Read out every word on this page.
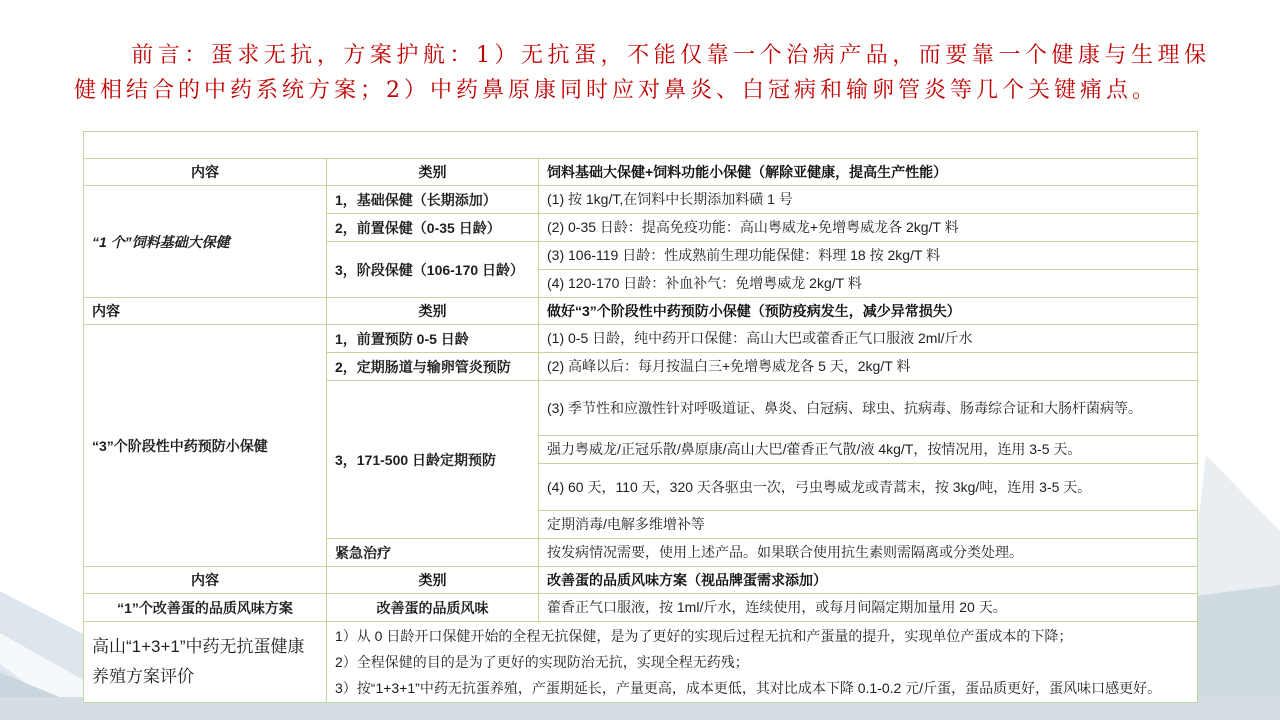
前言：蛋求无抗，方案护航：1）无抗蛋，不能仅靠一个治病产品，而要靠一个健康与生理保健相结合的中药系统方案；2）中药鼻原康同时应对鼻炎、白冠病和输卵管炎等几个关键痛点。
高山“1+3+1”中药无抗蛋健康养殖方案		
内容	类别	饲料基础大保健+饲料功能小保健（解除亚健康，提高生产性能）
“1 个”饲料基础大保健	1，基础保健（长期添加）	(1) 按 1kg/T,在饲料中长期添加料磺 1 号
	2，前置保健（0-35 日龄）	(2) 0-35 日龄：提高免疫功能：高山粤威龙+免增粤威龙各 2kg/T 料
	3，阶段保健（106-170 日龄）	(3) 106-119 日龄：性成熟前生理功能保健：料理 18 按 2kg/T 料
		(4) 120-170 日龄：补血补气：免增粤威龙 2kg/T 料
内容	类别	做好“3”个阶段性中药预防小保健（预防疫病发生，减少异常损失）
“3”个阶段性中药预防小保健	1，前置预防 0-5 日龄	(1) 0-5 日龄，纯中药开口保健：高山大巴或藿香正气口服液 2ml/斤水
	2，定期肠道与输卵管炎预防	(2) 高峰以后：每月按温白三+免增粤威龙各 5 天，2kg/T 料
	3，171-500 日龄定期预防	(3) 季节性和应激性针对呼吸道证、鼻炎、白冠病、球虫、抗病毒、肠毒综合证和大肠杆菌病等。
		强力粤威龙/正冠乐散/鼻原康/高山大巴/藿香正气散/液 4kg/T，按情况用，连用 3-5 天。
		(4) 60 天，110 天，320 天各驱虫一次，弓虫粤威龙或青蒿末，按 3kg/吨，连用 3-5 天。
		定期消毒/电解多维增补等
	紧急治疗	按发病情况需要，使用上述产品。如果联合使用抗生素则需隔离或分类处理。
内容	类别	改善蛋的品质风味方案（视品牌蛋需求添加）
“1”个改善蛋的品质风味方案	改善蛋的品质风味	藿香正气口服液，按 1ml/斤水，连续使用，或每月间隔定期加量用 20 天。
高山“1+3+1”中药无抗蛋健康养殖方案评价	1）从 0 日龄开口保健开始的全程无抗保健，是为了更好的实现后过程无抗和产蛋量的提升，实现单位产蛋成本的下降；
2）全程保健的目的是为了更好的实现防治无抗，实现全程无药残；
3）按“1+3+1”中药无抗蛋养殖，产蛋期延长，产量更高，成本更低，其对比成本下降 0.1-0.2 元/斤蛋，蛋品质更好，蛋风味口感更好。	
